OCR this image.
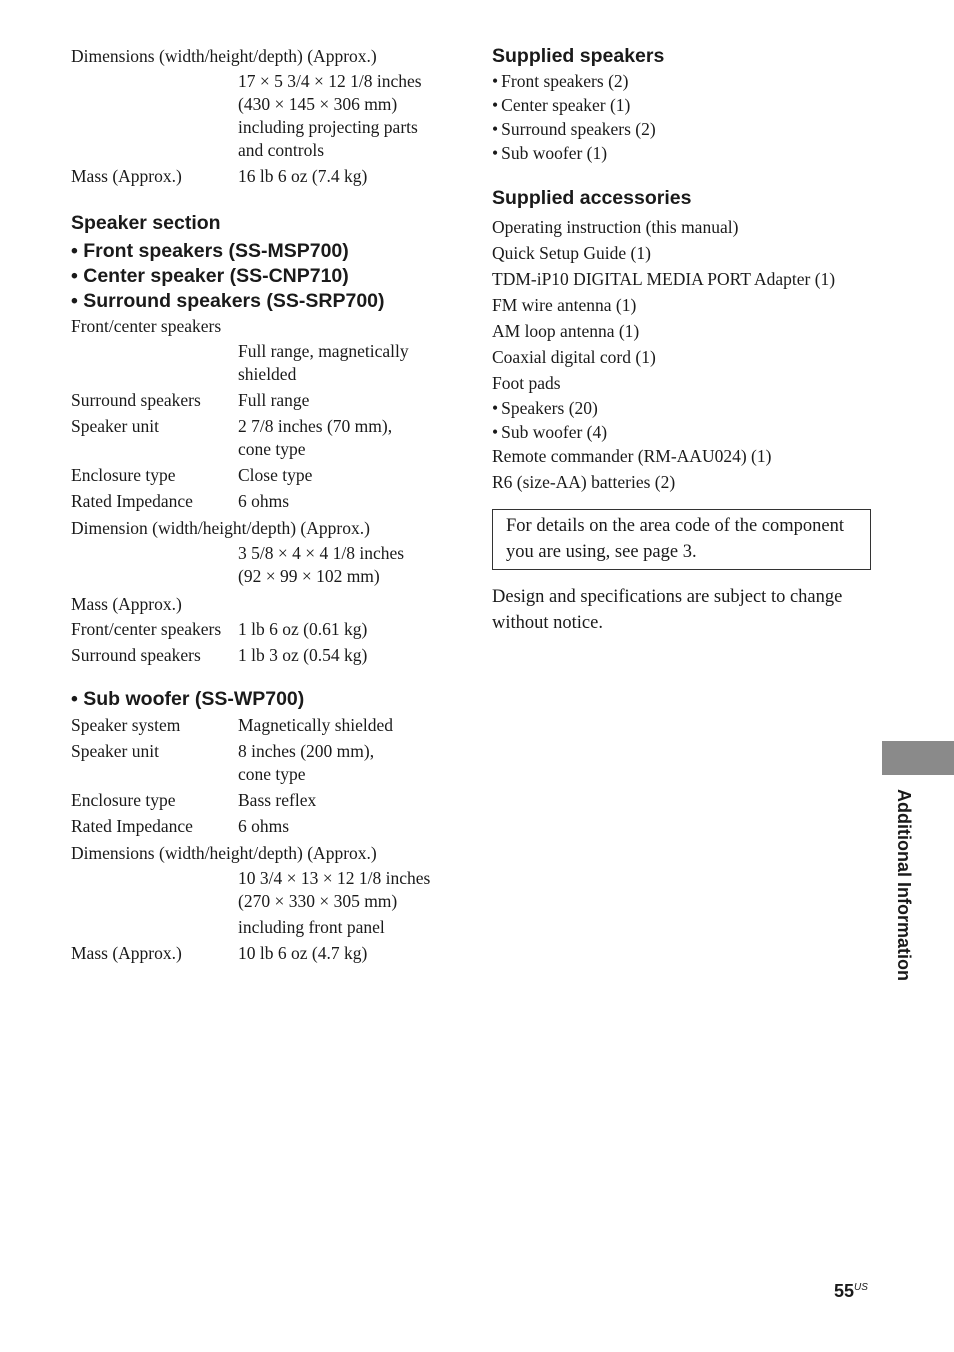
Dimensions (width/height/depth) (Approx.)

17 × 5 3/4 × 12 1/8 inches
(430 × 145 × 306 mm)
including projecting parts
and controls
Mass (Approx.)	16 lb 6 oz (7.4 kg)

Speaker section

• Front speakers (SS-MSP700)

• Center speaker (SS-CNP710)

• Surround speakers (SS-SRP700)

Front/center speakers

Full range, magnetically
shielded
Surround speakers	Full range
Speaker unit	2 7/8 inches (70 mm),
cone type
Enclosure type	Close type
Rated Impedance	6 ohms

Dimension (width/height/depth) (Approx.)

3 5/8 × 4 × 4 1/8 inches
(92 × 99 × 102 mm)

Mass (Approx.)

Front/center speakers 1 lb 6 oz (0.61 kg)
Surround speakers	1 lb 3 oz (0.54 kg)

• Sub woofer (SS-WP700)

Speaker system	Magnetically shielded
Speaker unit	8 inches (200 mm),
cone type
Enclosure type	Bass reflex
Rated Impedance	6 ohms

Dimensions (width/height/depth) (Approx.)

10 3/4 × 13 × 12 1/8 inches
(270 × 330 × 305 mm)
including front panel
Mass (Approx.)	10 lb 6 oz (4.7 kg)

Supplied speakers

• Front speakers (2)
• Center speaker (1)
• Surround speakers (2)
• Sub woofer (1)

Supplied accessories

Operating instruction (this manual)
Quick Setup Guide (1)
TDM-iP10 DIGITAL MEDIA PORT Adapter (1)
FM wire antenna (1)
AM loop antenna (1)
Coaxial digital cord (1)
Foot pads
• Speakers (20)
• Sub woofer (4)
Remote commander (RM-AAU024) (1)
R6 (size-AA) batteries (2)
For details on the area code of the component you are using, see page 3.
Design and specifications are subject to change without notice.
Additional Information
$55^{US}$
